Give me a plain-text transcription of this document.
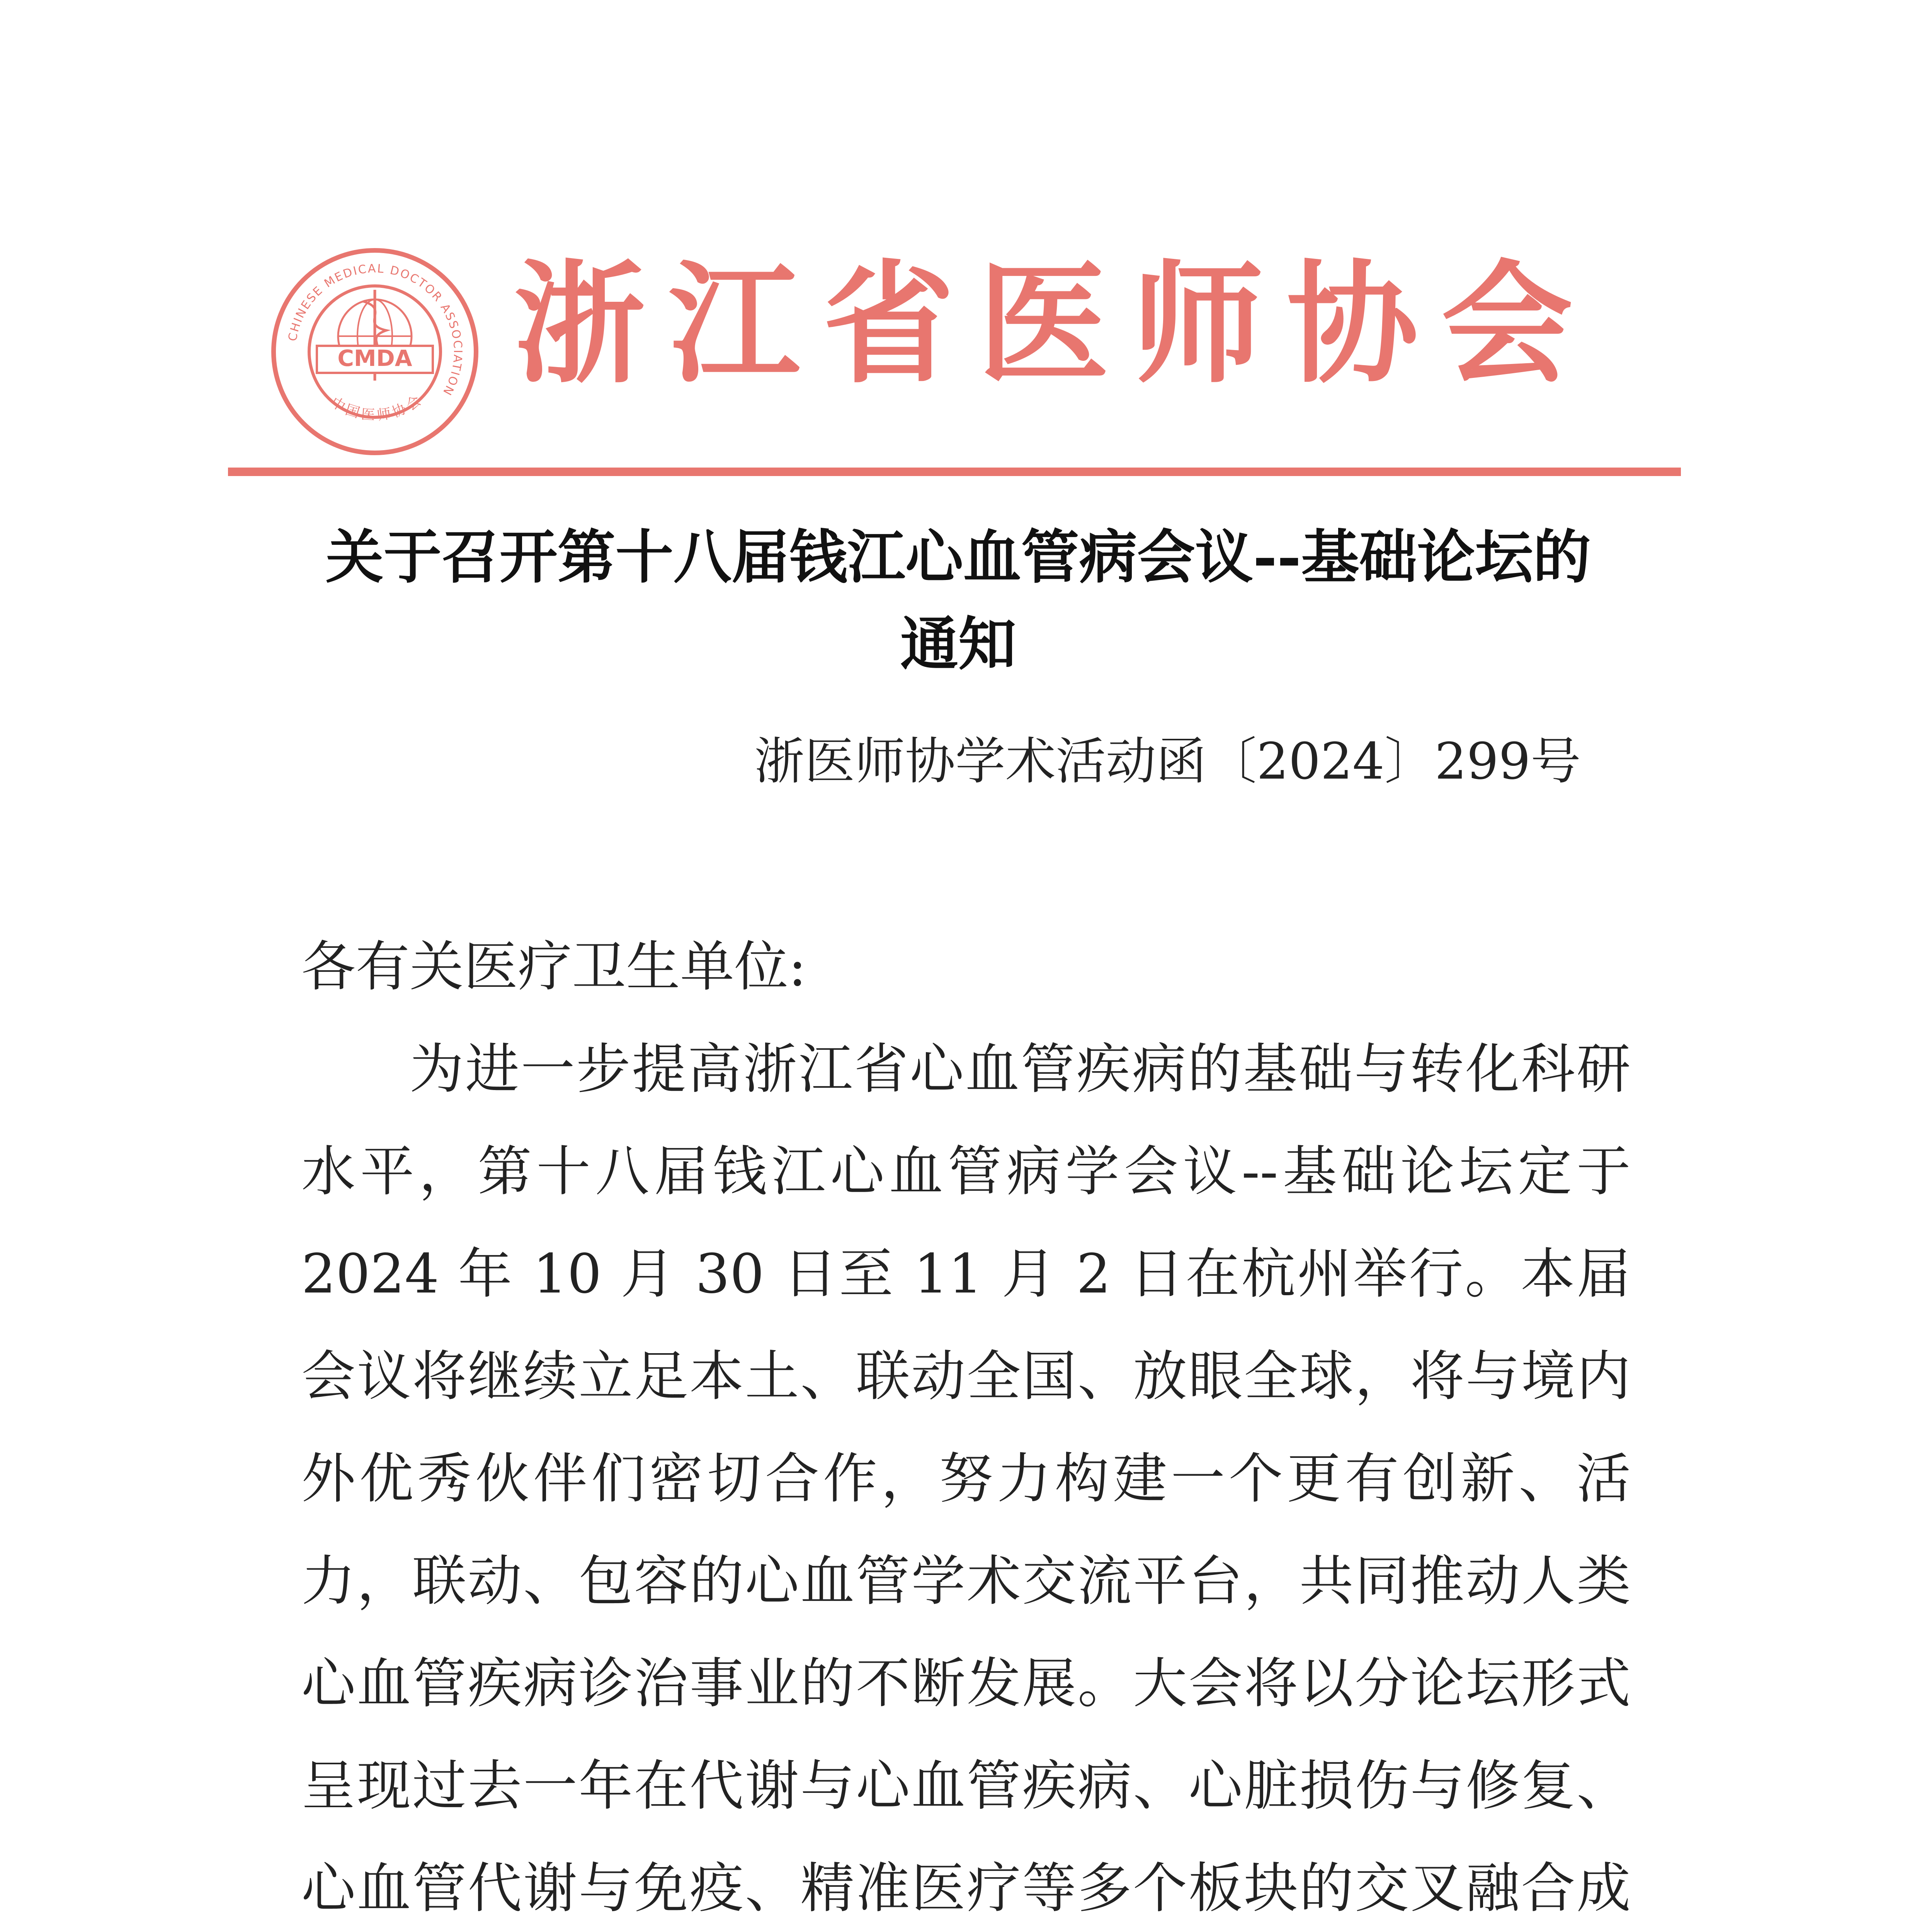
CMDA
CHINESE MEDICAL DOCTOR ASSOCIATION
中国医师协会
浙江省医师协会
关于召开第十八届钱江心血管病会议--基础论坛的
通知
浙医师协学术活动函〔2024〕299号

各有关医疗卫生单位:

为进一步提高浙江省心血管疾病的基础与转化科研水平，第十八届钱江心血管病学会议--基础论坛定于 2024 年 10 月 30 日至 11 月 2 日在杭州举行。本届会议将继续立足本土、联动全国、放眼全球，将与境内外优秀伙伴们密切合作，努力构建一个更有创新、活力，联动、包容的心血管学术交流平台，共同推动人类心血管疾病诊治事业的不断发展。大会将以分论坛形式呈现过去一年在代谢与心血管疾病、心脏损伤与修复、心血管代谢与免疫、精准医疗等多个板块的交叉融合成
